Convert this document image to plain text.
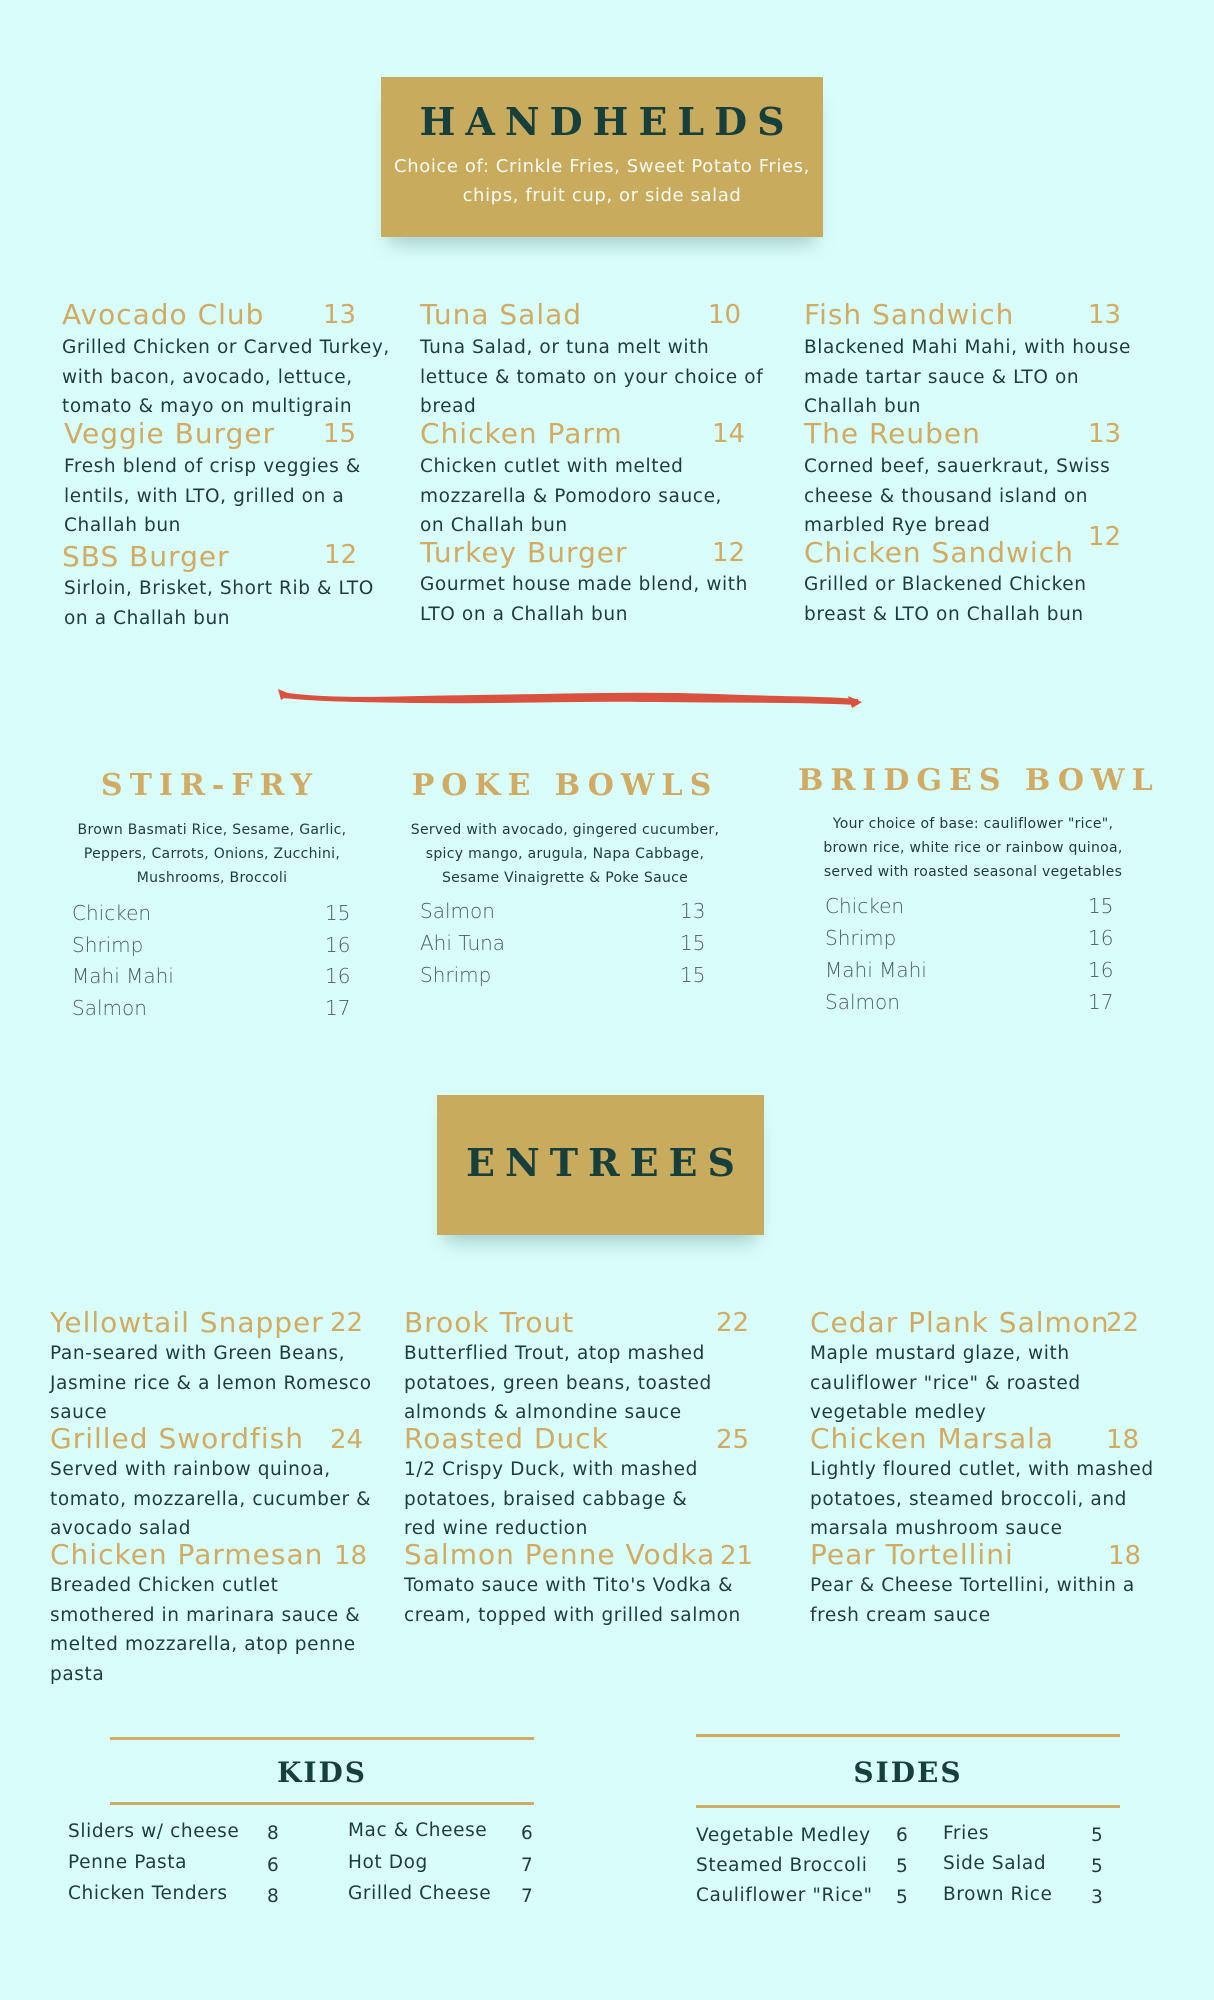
HANDHELDS
Choice of: Crinkle Fries, Sweet Potato Fries,
chips, fruit cup, or side salad
Avocado Club 13
Grilled Chicken or Carved Turkey, with bacon, avocado, lettuce, tomato & mayo on multigrain
Tuna Salad	10
Tuna Salad, or tuna melt with lettuce & tomato on your choice of bread
Fish Sandwich	13
Blackened Mahi Mahi, with house made tartar sauce & LTO on Challah bun
Veggie Burger 15
Fresh blend of crisp veggies & lentils, with LTO, grilled on a Challah bun
Chicken Parm	14
Chicken cutlet with melted mozzarella & Pomodoro sauce, on Challah bun
The Reuben	13
Corned beef, sauerkraut, Swiss cheese & thousand island on marbled Rye bread
SBS Burger	12
Sirloin, Brisket, Short Rib & LTO on a Challah bun
Turkey Burger	12
Gourmet house made blend, with LTO on a Challah bun
Chicken Sandwich 12
Grilled or Blackened Chicken breast & LTO on Challah bun
STIR-FRY
Brown Basmati Rice, Sesame, Garlic, Peppers, Carrots, Onions, Zucchini, Mushrooms, Broccoli
Chicken	15
Shrimp	16
Mahi Mahi	16
Salmon	17
POKE BOWLS
Served with avocado, gingered cucumber, spicy mango, arugula, Napa Cabbage, Sesame Vinaigrette & Poke Sauce
Salmon	13
Ahi Tuna	15
Shrimp	15
BRIDGES BOWL
Your choice of base: cauliflower "rice", brown rice, white rice or rainbow quinoa, served with roasted seasonal vegetables
Chicken	15
Shrimp	16
Mahi Mahi	16
Salmon	17
ENTREES
Yellowtail Snapper 22
Pan-seared with Green Beans, Jasmine rice & a lemon Romesco sauce
Brook Trout	22
Butterflied Trout, atop mashed potatoes, green beans, toasted almonds & almondine sauce
Cedar Plank Salmon
22
Maple mustard glaze, with cauliflower "rice" & roasted vegetable medley
Grilled Swordfish 24
Served with rainbow quinoa, tomato, mozzarella, cucumber & avocado salad
Roasted Duck	25
1/2 Crispy Duck, with mashed potatoes, braised cabbage & red wine reduction
Chicken Marsala 18
Lightly floured cutlet, with mashed potatoes, steamed broccoli, and marsala mushroom sauce
Chicken Parmesan 18
Breaded Chicken cutlet smothered in marinara sauce & melted mozzarella, atop penne pasta
Salmon Penne Vodka 21
Tomato sauce with Tito's Vodka & cream, topped with grilled salmon
Pear Tortellini	18
Pear & Cheese Tortellini, within a fresh cream sauce
KIDS
Sliders w/ cheese 8
Penne Pasta	6
Chicken Tenders 8
Mac & Cheese 6
Hot Dog	7
Grilled Cheese 7
SIDES
Vegetable Medley 6
Steamed Broccoli 5
Cauliflower "Rice" 5
Fries	5
Side Salad 5
Brown Rice 3
